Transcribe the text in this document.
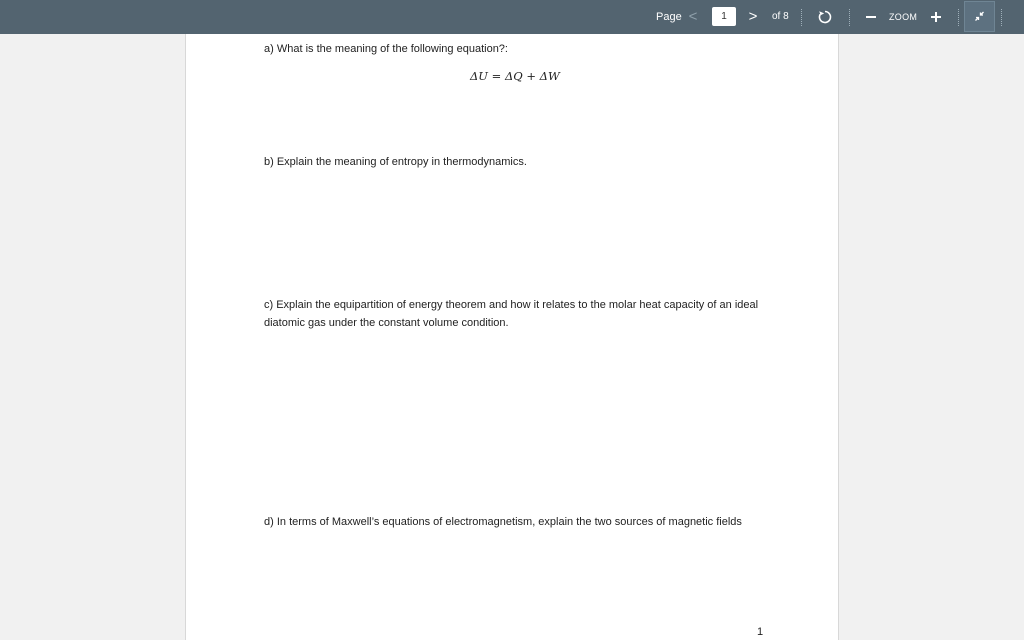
Page <
1	> of 8	ZOOM

a) What is the meaning of the following equation?:

ΔU = ΔQ + ΔW

b) Explain the meaning of entropy in thermodynamics.

c) Explain the equipartition of energy theorem and how it relates to the molar heat capacity of an ideal diatomic gas under the constant volume condition.

d) In terms of Maxwell’s equations of electromagnetism, explain the two sources of magnetic fields

1
